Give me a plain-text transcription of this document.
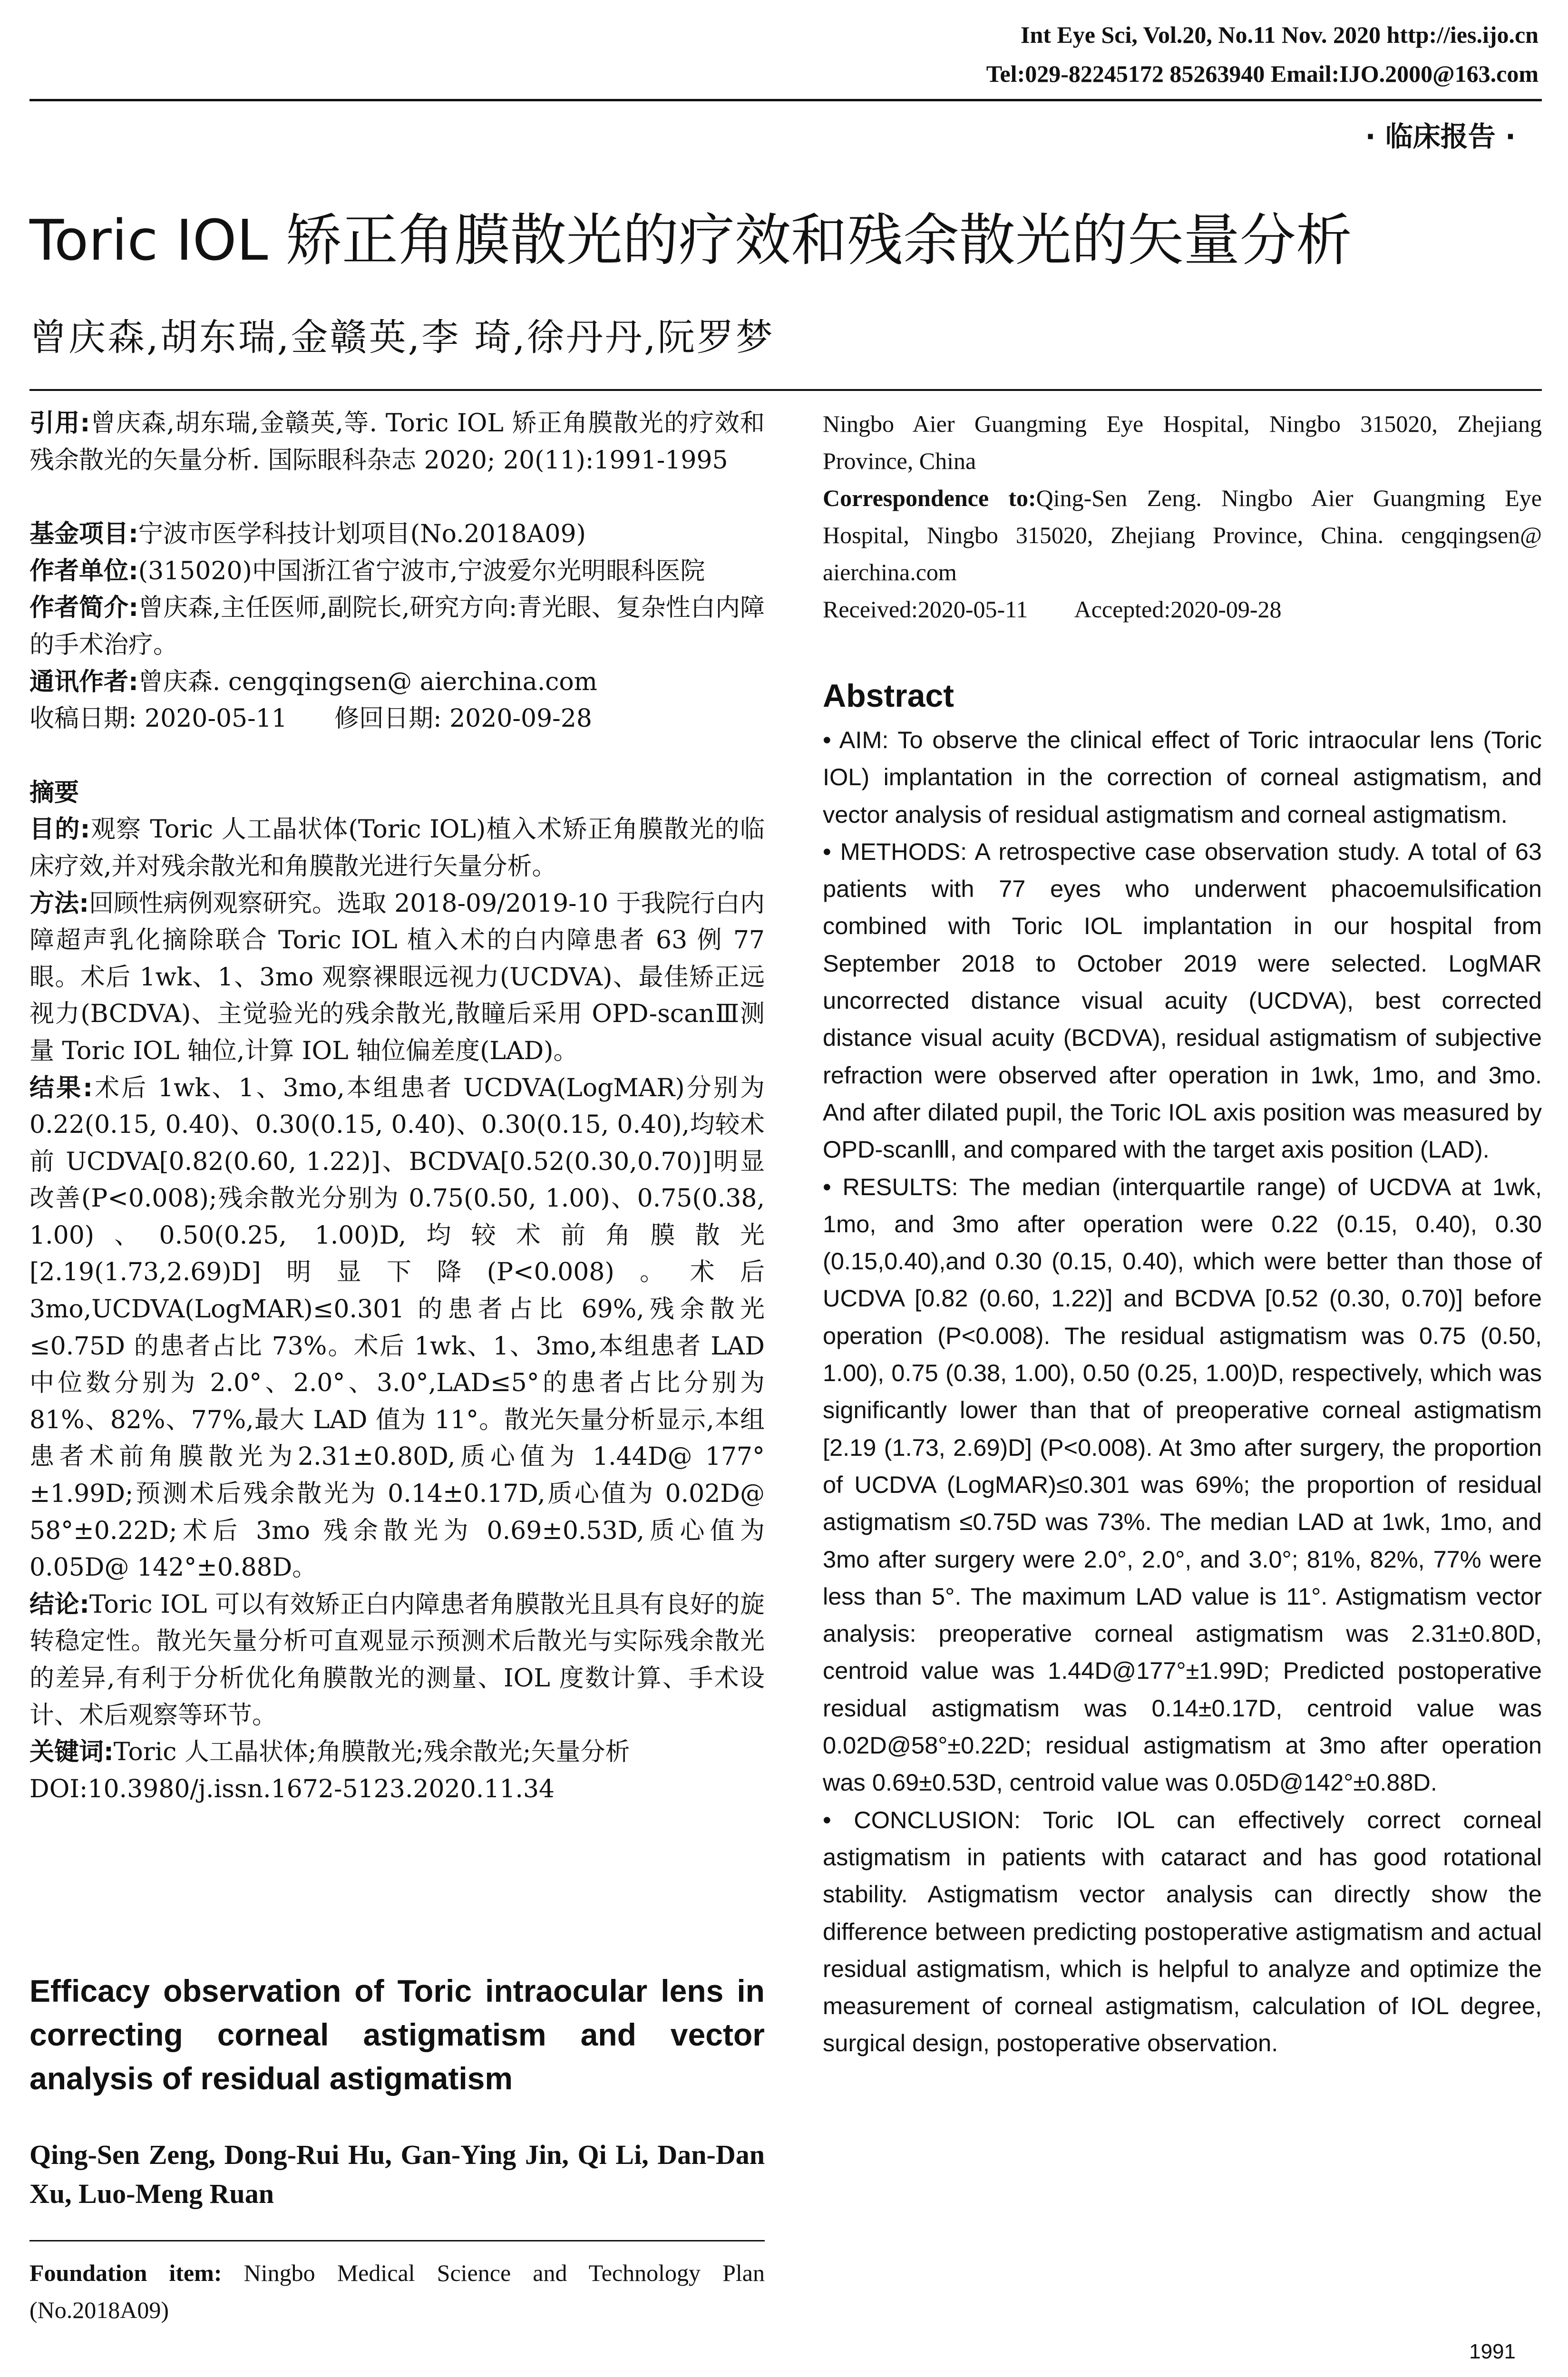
Int Eye Sci, Vol.20, No.11 Nov. 2020 http://ies.ijo.cn
Tel:029-82245172 85263940 Email:IJO.2000@163.com
· 临床报告 ·
Toric IOL 矫正角膜散光的疗效和残余散光的矢量分析
曾庆森,胡东瑞,金赣英,李 琦,徐丹丹,阮罗梦

引用:曾庆森,胡东瑞,金赣英,等. Toric IOL 矫正角膜散光的疗效和残余散光的矢量分析. 国际眼科杂志 2020; 20(11):1991-1995

基金项目:宁波市医学科技计划项目(No.2018A09)

作者单位:(315020)中国浙江省宁波市,宁波爱尔光明眼科医院

作者简介:曾庆森,主任医师,副院长,研究方向:青光眼、复杂性白内障的手术治疗。

通讯作者:曾庆森. cengqingsen@ aierchina.com

收稿日期: 2020-05-11      修回日期: 2020-09-28

摘要

目的:观察 Toric 人工晶状体(Toric IOL)植入术矫正角膜散光的临床疗效,并对残余散光和角膜散光进行矢量分析。

方法:回顾性病例观察研究。选取 2018-09/2019-10 于我院行白内障超声乳化摘除联合 Toric IOL 植入术的白内障患者 63 例 77 眼。术后 1wk、1、3mo 观察裸眼远视力(UCDVA)、最佳矫正远视力(BCDVA)、主觉验光的残余散光,散瞳后采用 OPD-scanⅢ测量 Toric IOL 轴位,计算 IOL 轴位偏差度(LAD)。

结果:术后 1wk、1、3mo,本组患者 UCDVA(LogMAR)分别为 0.22(0.15, 0.40)、0.30(0.15, 0.40)、0.30(0.15, 0.40),均较术前 UCDVA[0.82(0.60, 1.22)]、BCDVA[0.52(0.30,0.70)]明显改善(P<0.008);残余散光分别为 0.75(0.50, 1.00)、0.75(0.38, 1.00)、0.50(0.25, 1.00)D,均较术前角膜散光[2.19(1.73,2.69)D]明显下降(P<0.008)。术后 3mo,UCDVA(LogMAR)≤0.301 的患者占比 69%,残余散光≤0.75D 的患者占比 73%。术后 1wk、1、3mo,本组患者 LAD 中位数分别为 2.0°、2.0°、3.0°,LAD≤5°的患者占比分别为 81%、82%、77%,最大 LAD 值为 11°。散光矢量分析显示,本组患者术前角膜散光为2.31±0.80D,质心值为 1.44D@ 177°±1.99D;预测术后残余散光为 0.14±0.17D,质心值为 0.02D@ 58°±0.22D;术后 3mo 残余散光为 0.69±0.53D,质心值为 0.05D@ 142°±0.88D。

结论:Toric IOL 可以有效矫正白内障患者角膜散光且具有良好的旋转稳定性。散光矢量分析可直观显示预测术后散光与实际残余散光的差异,有利于分析优化角膜散光的测量、IOL 度数计算、手术设计、术后观察等环节。

关键词:Toric 人工晶状体;角膜散光;残余散光;矢量分析

DOI:10.3980/j.issn.1672-5123.2020.11.34

Efficacy observation of Toric intraocular lens in correcting corneal astigmatism and vector analysis of residual astigmatism
Qing-Sen Zeng, Dong-Rui Hu, Gan-Ying Jin, Qi Li, Dan-Dan Xu, Luo-Meng Ruan
Foundation item: Ningbo Medical Science and Technology Plan (No.2018A09)

Ningbo Aier Guangming Eye Hospital, Ningbo 315020, Zhejiang Province, China

Correspondence to:Qing-Sen Zeng. Ningbo Aier Guangming Eye Hospital, Ningbo 315020, Zhejiang Province, China. cengqingsen@ aierchina.com

Received:2020-05-11        Accepted:2020-09-28

Abstract

• AIM: To observe the clinical effect of Toric intraocular lens (Toric IOL) implantation in the correction of corneal astigmatism, and vector analysis of residual astigmatism and corneal astigmatism.

• METHODS: A retrospective case observation study. A total of 63 patients with 77 eyes who underwent phacoemulsification combined with Toric IOL implantation in our hospital from September 2018 to October 2019 were selected. LogMAR uncorrected distance visual acuity (UCDVA), best corrected distance visual acuity (BCDVA), residual astigmatism of subjective refraction were observed after operation in 1wk, 1mo, and 3mo. And after dilated pupil, the Toric IOL axis position was measured by OPD-scanⅢ, and compared with the target axis position (LAD).

• RESULTS: The median (interquartile range) of UCDVA at 1wk, 1mo, and 3mo after operation were 0.22 (0.15, 0.40), 0.30 (0.15,0.40),and 0.30 (0.15, 0.40), which were better than those of UCDVA [0.82 (0.60, 1.22)] and BCDVA [0.52 (0.30, 0.70)] before operation (P<0.008). The residual astigmatism was 0.75 (0.50, 1.00), 0.75 (0.38, 1.00), 0.50 (0.25, 1.00)D, respectively, which was significantly lower than that of preoperative corneal astigmatism [2.19 (1.73, 2.69)D] (P<0.008). At 3mo after surgery, the proportion of UCDVA (LogMAR)≤0.301 was 69%; the proportion of residual astigmatism ≤0.75D was 73%. The median LAD at 1wk, 1mo, and 3mo after surgery were 2.0°, 2.0°, and 3.0°; 81%, 82%, 77% were less than 5°. The maximum LAD value is 11°. Astigmatism vector analysis: preoperative corneal astigmatism was 2.31±0.80D, centroid value was 1.44D@177°±1.99D; Predicted postoperative residual astigmatism was 0.14±0.17D, centroid value was 0.02D@58°±0.22D; residual astigmatism at 3mo after operation was 0.69±0.53D, centroid value was 0.05D@142°±0.88D.

• CONCLUSION: Toric IOL can effectively correct corneal astigmatism in patients with cataract and has good rotational stability. Astigmatism vector analysis can directly show the difference between predicting postoperative astigmatism and actual residual astigmatism, which is helpful to analyze and optimize the measurement of corneal astigmatism, calculation of IOL degree, surgical design, postoperative observation.

1991
